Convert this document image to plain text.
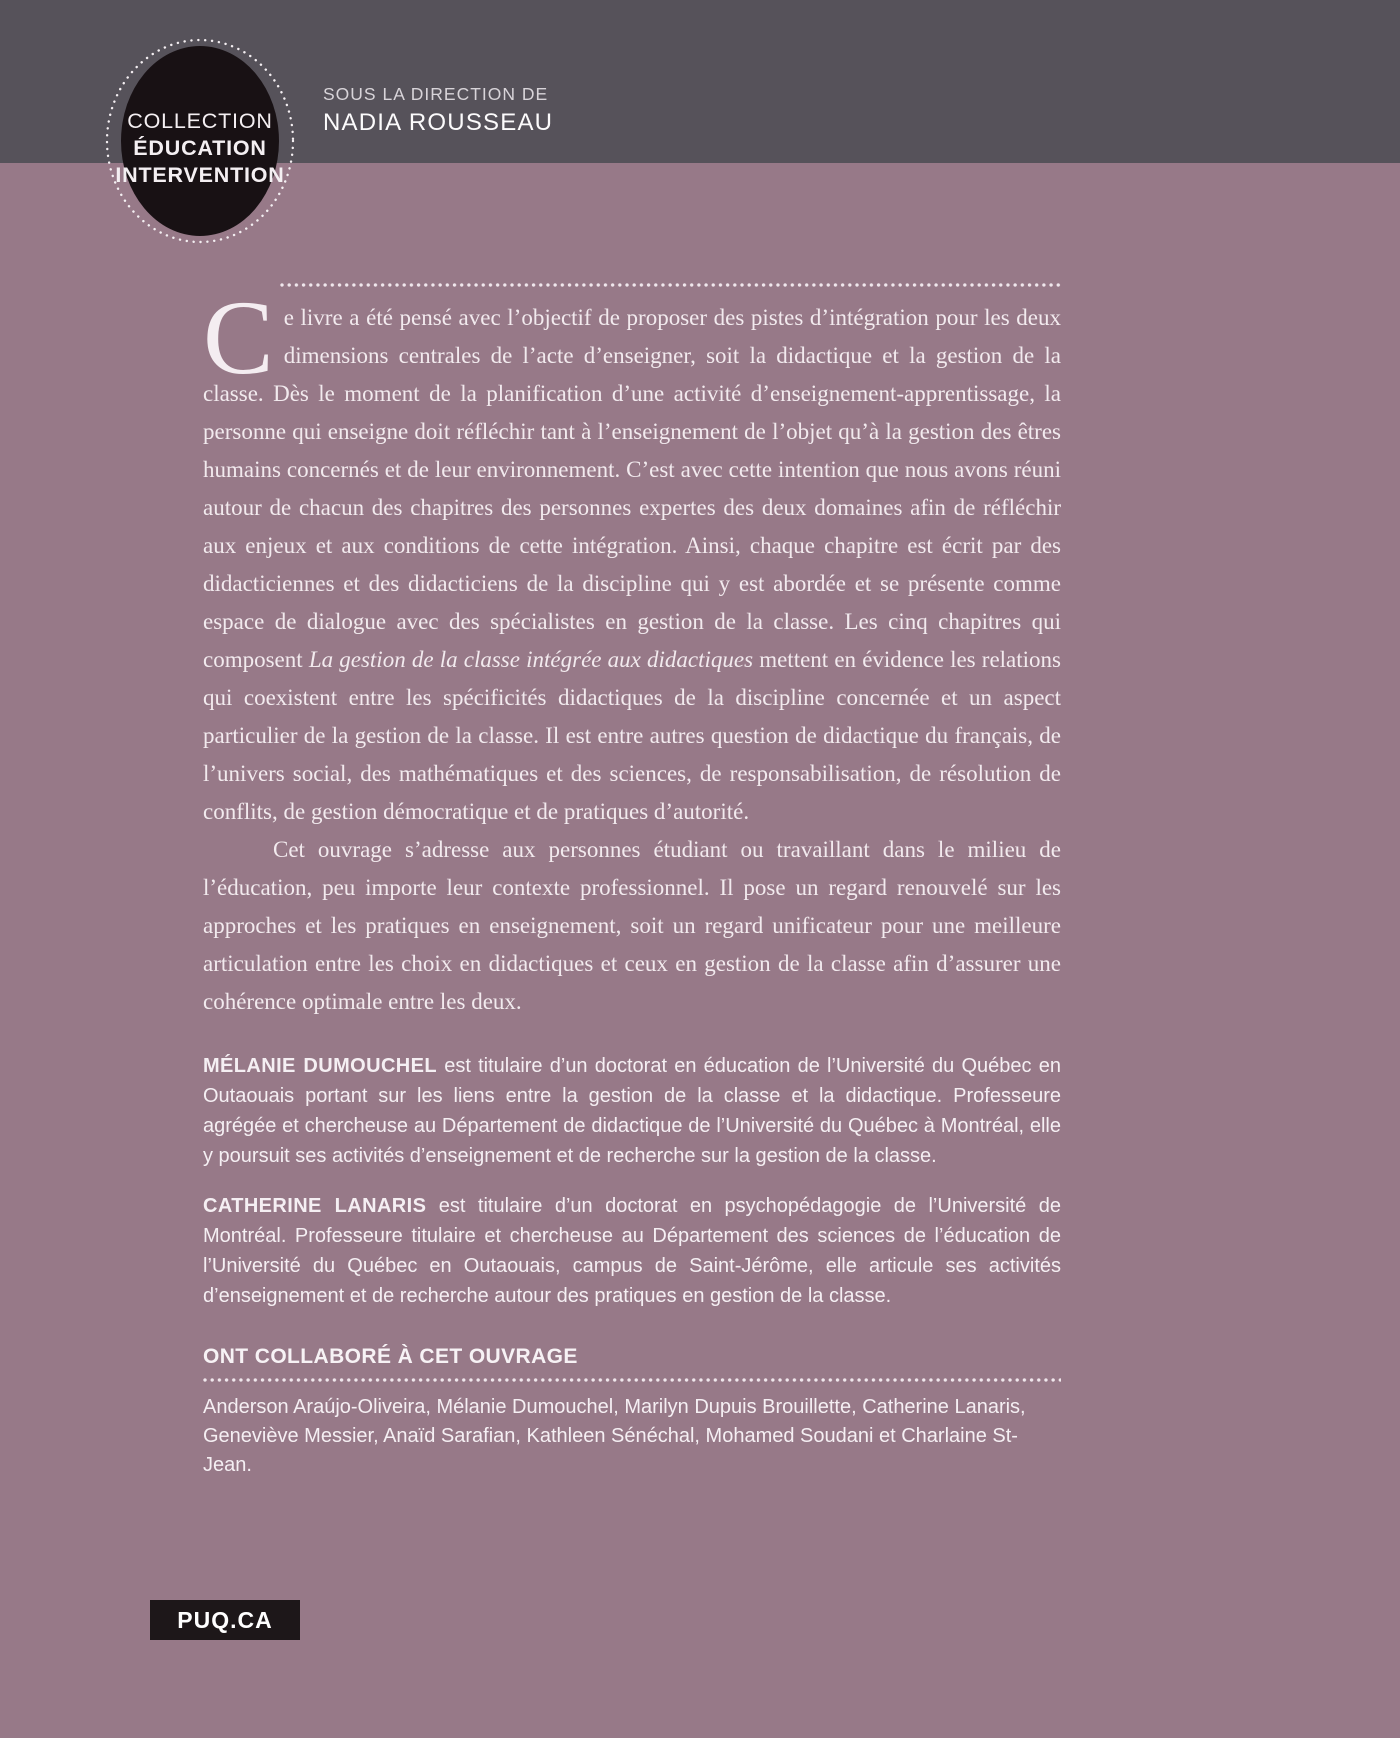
COLLECTION
ÉDUCATION
INTERVENTION
SOUS LA DIRECTION DE
NADIA ROUSSEAU
Ce livre a été pensé avec l’objectif de proposer des pistes d’intégration pour les deux dimensions centrales de l’acte d’enseigner, soit la didactique et la gestion de la classe. Dès le moment de la planification d’une activité d’enseignement-apprentissage, la personne qui enseigne doit réfléchir tant à l’enseignement de l’objet qu’à la gestion des êtres humains concernés et de leur environnement. C’est avec cette intention que nous avons réuni autour de chacun des chapitres des personnes expertes des deux domaines afin de réfléchir aux enjeux et aux conditions de cette intégration. Ainsi, chaque chapitre est écrit par des didacticiennes et des didacticiens de la discipline qui y est abordée et se présente comme espace de dialogue avec des spécialistes en gestion de la classe. Les cinq chapitres qui composent La gestion de la classe intégrée aux didactiques mettent en évidence les relations qui coexistent entre les spécificités didactiques de la discipline concernée et un aspect particulier de la gestion de la classe. Il est entre autres question de didactique du français, de l’univers social, des mathématiques et des sciences, de responsabilisation, de résolution de conflits, de gestion démocratique et de pratiques d’autorité.
Cet ouvrage s’adresse aux personnes étudiant ou travaillant dans le milieu de l’éducation, peu importe leur contexte professionnel. Il pose un regard renouvelé sur les approches et les pratiques en enseignement, soit un regard unificateur pour une meilleure articulation entre les choix en didactiques et ceux en gestion de la classe afin d’assurer une cohérence optimale entre les deux.
MÉLANIE DUMOUCHEL est titulaire d’un doctorat en éducation de l’Université du Québec en Outaouais portant sur les liens entre la gestion de la classe et la didactique. Professeure agrégée et chercheuse au Département de didactique de l’Université du Québec à Montréal, elle y poursuit ses activités d’enseignement et de recherche sur la gestion de la classe.
CATHERINE LANARIS est titulaire d’un doctorat en psychopédagogie de l’Université de Montréal. Professeure titulaire et chercheuse au Département des sciences de l’éducation de l’Université du Québec en Outaouais, campus de Saint-Jérôme, elle articule ses activités d’enseignement et de recherche autour des pratiques en gestion de la classe.
ONT COLLABORÉ À CET OUVRAGE
Anderson Araújo-Oliveira, Mélanie Dumouchel, Marilyn Dupuis Brouillette, Catherine Lanaris, Geneviève Messier, Anaïd Sarafian, Kathleen Sénéchal, Mohamed Soudani et Charlaine St-Jean.
PUQ.CA
